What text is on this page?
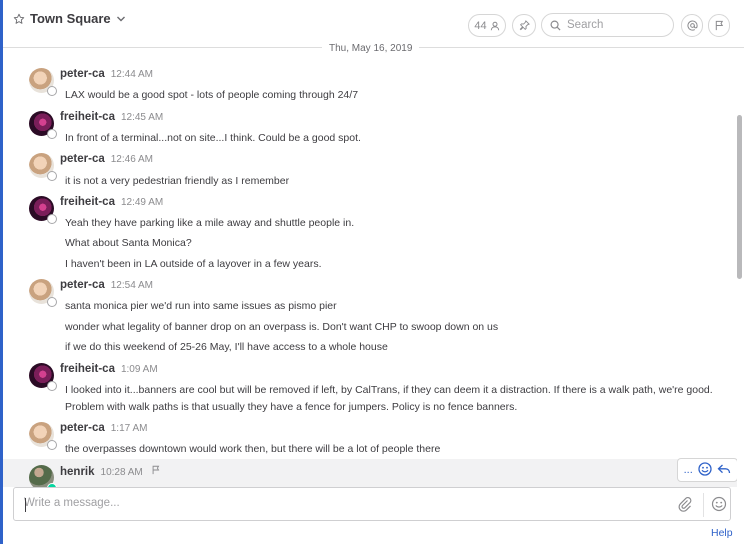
Town Square	44
Search
Thu, May 16, 2019
peter-ca 12:44 AM
LAX would be a good spot - lots of people coming through 24/7
freiheit-ca 12:45 AM
In front of a terminal...not on site...I think. Could be a good spot.
peter-ca 12:46 AM
it is not a very pedestrian friendly as I remember
freiheit-ca 12:49 AM
Yeah they have parking like a mile away and shuttle people in.
What about Santa Monica?
I haven't been in LA outside of a layover in a few years.
peter-ca 12:54 AM
santa monica pier we'd run into same issues as pismo pier
wonder what legality of banner drop on an overpass is. Don't want CHP to swoop down on us
if we do this weekend of 25-26 May, I'll have access to a whole house
freiheit-ca 1:09 AM
I looked into it...banners are cool but will be removed if left, by CalTrans, if they can deem it a distraction. If there is a walk path, we're good. Problem with walk paths is that usually they have a fence for jumpers. Policy is no fence banners.
peter-ca 1:17 AM
the overpasses downtown would work then, but there will be a lot of people there
henrik 10:28 AM	...
Write a message...
Help
